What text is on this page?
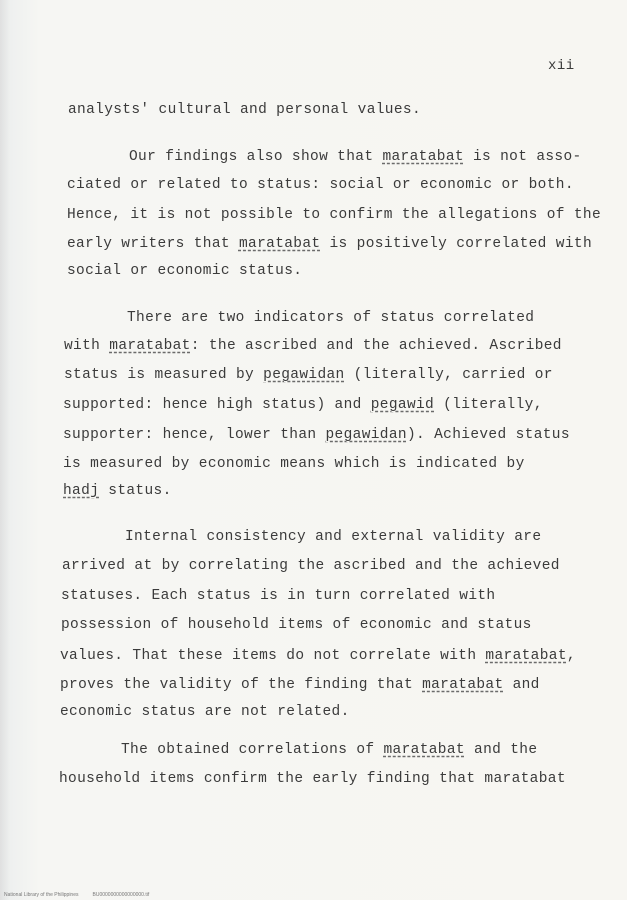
xii
analysts' cultural and personal values.
Our findings also show that maratabat is not asso-
ciated or related to status: social or economic or both.
Hence, it is not possible to confirm the allegations of the
early writers that maratabat is positively correlated with
social or economic status.
There are two indicators of status correlated
with maratabat: the ascribed and the achieved. Ascribed
status is measured by pegawidan (literally, carried or
supported: hence high status) and pegawid (literally,
supporter: hence, lower than pegawidan). Achieved status
is measured by economic means which is indicated by
hadj status.
Internal consistency and external validity are
arrived at by correlating the ascribed and the achieved
statuses. Each status is in turn correlated with
possession of household items of economic and status
values. That these items do not correlate with maratabat,
proves the validity of the finding that maratabat and
economic status are not related.
The obtained correlations of maratabat and the
household items confirm the early finding that maratabat
National Library of the Philippines	BU0000000000000000.tif
